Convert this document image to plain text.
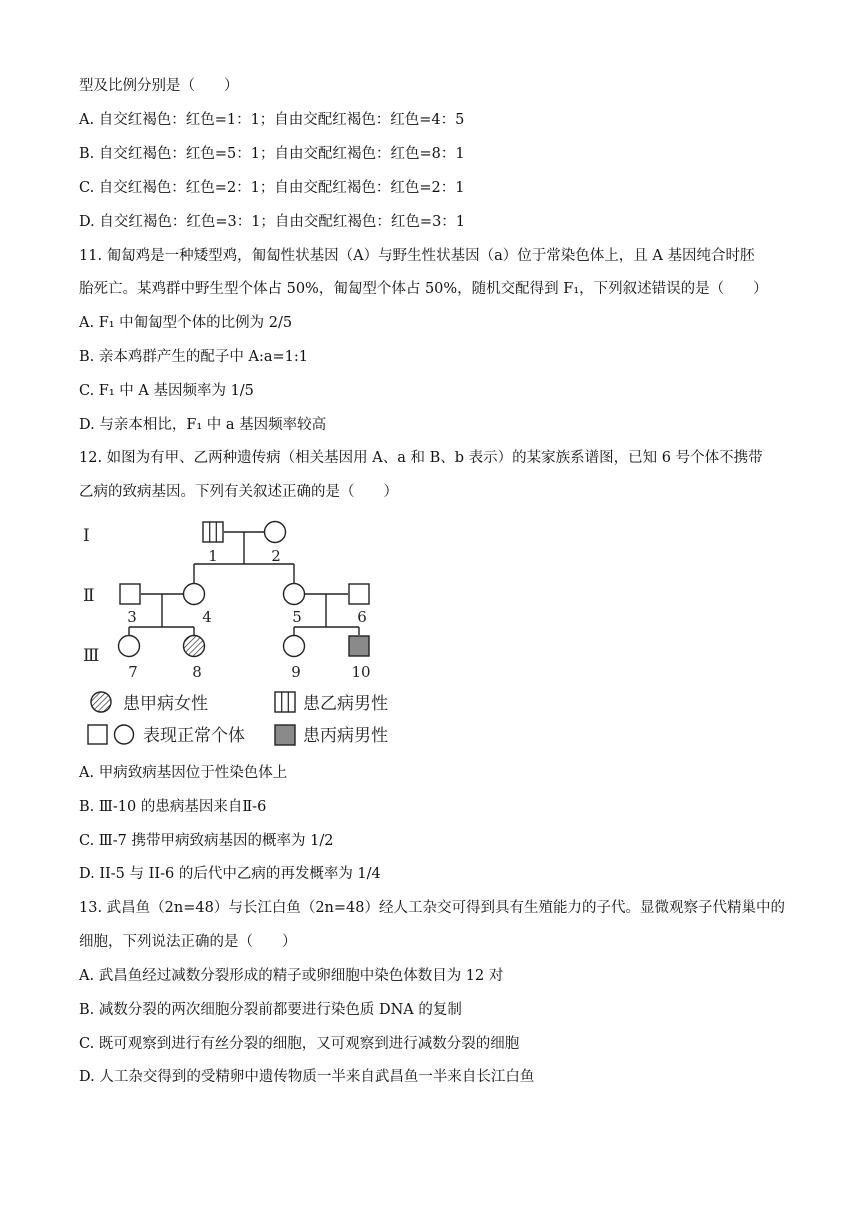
型及比例分别是（　　）
A. 自交红褐色：红色=1：1；自由交配红褐色：红色=4：5
B. 自交红褐色：红色=5：1；自由交配红褐色：红色=8：1
C. 自交红褐色：红色=2：1；自由交配红褐色：红色=2：1
D. 自交红褐色：红色=3：1；自由交配红褐色：红色=3：1
11. 匍匐鸡是一种矮型鸡，匍匐性状基因（A）与野生性状基因（a）位于常染色体上，且 A 基因纯合时胚
胎死亡。某鸡群中野生型个体占 50%，匍匐型个体占 50%，随机交配得到 F₁，下列叙述错误的是（　　）
A. F₁ 中匍匐型个体的比例为 2/5
B. 亲本鸡群产生的配子中 A:a=1:1
C. F₁ 中 A 基因频率为 1/5
D. 与亲本相比，F₁ 中 a 基因频率较高
12. 如图为有甲、乙两种遗传病（相关基因用 A、a 和 B、b 表示）的某家族系谱图，已知 6 号个体不携带
乙病的致病基因。下列有关叙述正确的是（　　）
Ⅰ
Ⅱ
Ⅲ
1	2
3	4	5	6
7	8	9	10
患甲病女性	患乙病男性
表现正常个体	患丙病男性
A. 甲病致病基因位于性染色体上
B. Ⅲ-10 的患病基因来自Ⅱ-6
C. Ⅲ-7 携带甲病致病基因的概率为 1/2
D. II-5 与 II-6 的后代中乙病的再发概率为 1/4
13. 武昌鱼（2n=48）与长江白鱼（2n=48）经人工杂交可得到具有生殖能力的子代。显微观察子代精巢中的
细胞，下列说法正确的是（　　）
A. 武昌鱼经过减数分裂形成的精子或卵细胞中染色体数目为 12 对
B. 减数分裂的两次细胞分裂前都要进行染色质 DNA 的复制
C. 既可观察到进行有丝分裂的细胞，又可观察到进行减数分裂的细胞
D. 人工杂交得到的受精卵中遗传物质一半来自武昌鱼一半来自长江白鱼
